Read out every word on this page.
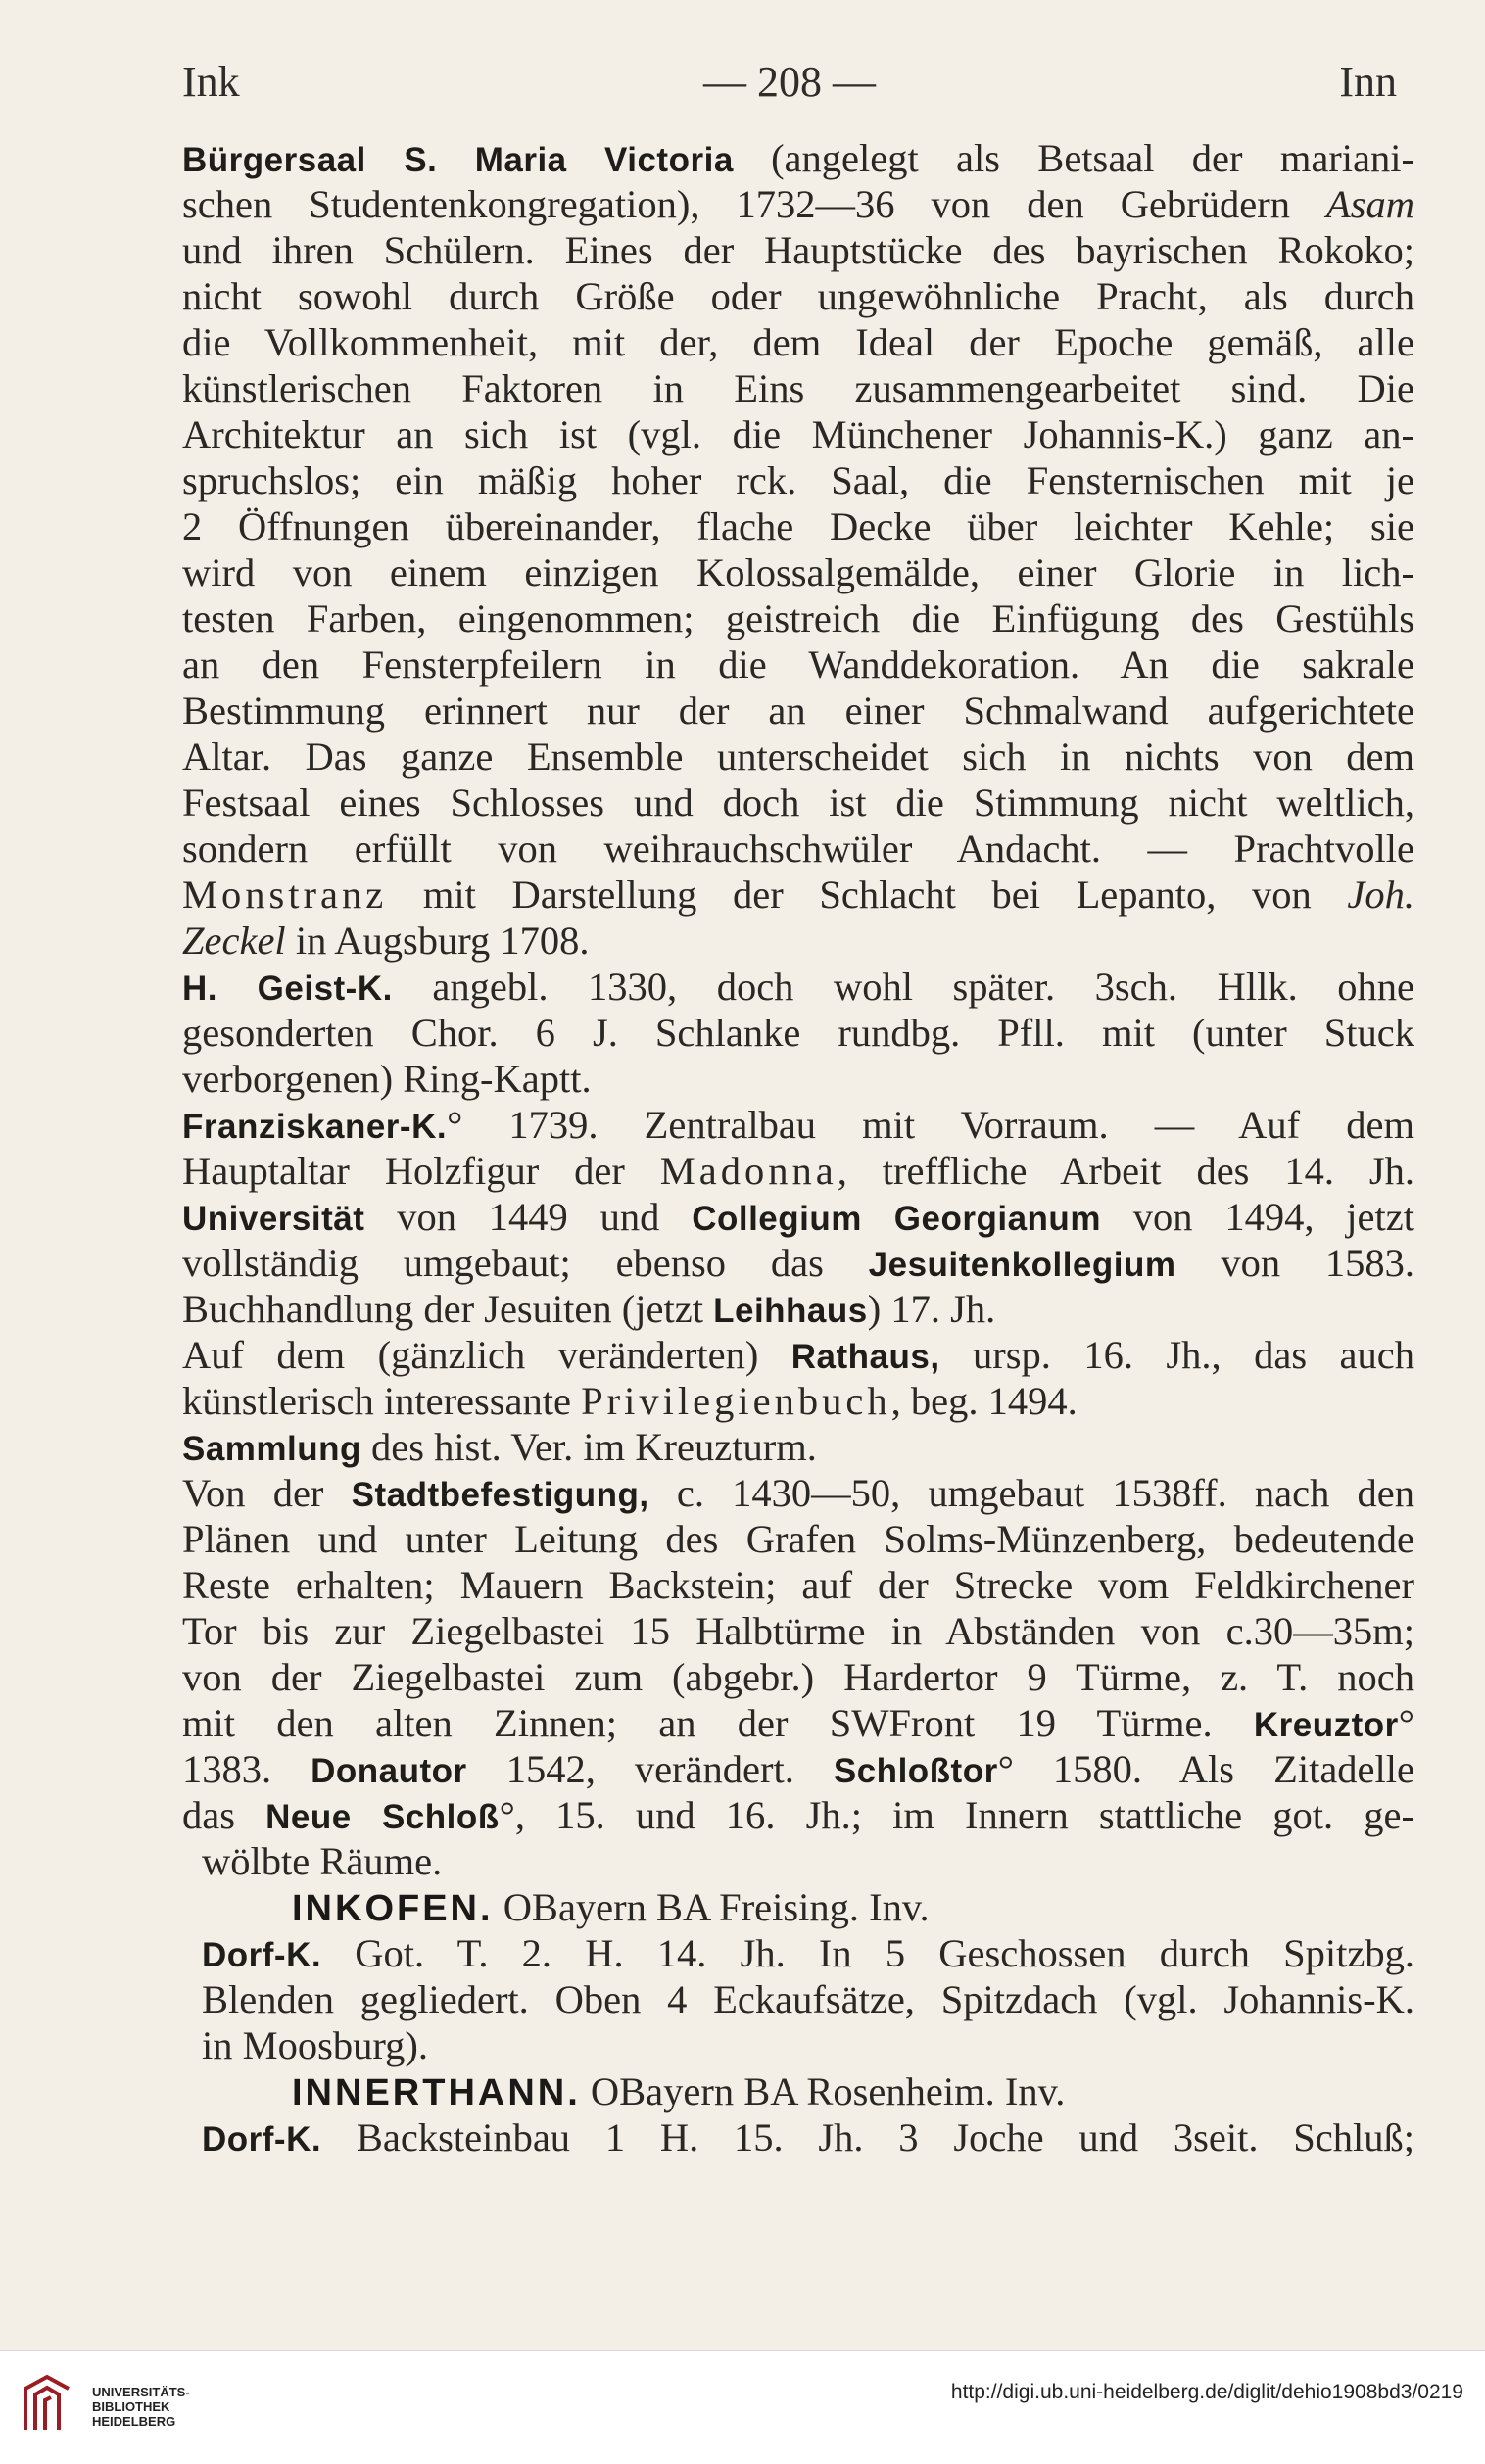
Ink	— 208 —	Inn
Bürgersaal S. Maria Victoria (angelegt als Betsaal der mariani-
schen Studentenkongregation), 1732—36 von den Gebrüdern Asam
und ihren Schülern. Eines der Hauptstücke des bayrischen Rokoko;
nicht sowohl durch Größe oder ungewöhnliche Pracht, als durch
die Vollkommenheit, mit der, dem Ideal der Epoche gemäß, alle
künstlerischen Faktoren in Eins zusammengearbeitet sind. Die
Architektur an sich ist (vgl. die Münchener Johannis-K.) ganz an-
spruchslos; ein mäßig hoher rck. Saal, die Fensternischen mit je
2 Öffnungen übereinander, flache Decke über leichter Kehle; sie
wird von einem einzigen Kolossalgemälde, einer Glorie in lich-
testen Farben, eingenommen; geistreich die Einfügung des Gestühls
an den Fensterpfeilern in die Wanddekoration. An die sakrale
Bestimmung erinnert nur der an einer Schmalwand aufgerichtete
Altar. Das ganze Ensemble unterscheidet sich in nichts von dem
Festsaal eines Schlosses und doch ist die Stimmung nicht weltlich,
sondern erfüllt von weihrauchschwüler Andacht. — Prachtvolle
Monstranz mit Darstellung der Schlacht bei Lepanto, von Joh.
Zeckel in Augsburg 1708.
H. Geist-K. angebl. 1330, doch wohl später. 3sch. Hllk. ohne
gesonderten Chor. 6 J. Schlanke rundbg. Pfll. mit (unter Stuck
verborgenen) Ring-Kaptt.
Franziskaner-K.° 1739. Zentralbau mit Vorraum. — Auf dem
Hauptaltar Holzfigur der Madonna, treffliche Arbeit des 14. Jh.
Universität von 1449 und Collegium Georgianum von 1494, jetzt
vollständig umgebaut; ebenso das Jesuitenkollegium von 1583.
Buchhandlung der Jesuiten (jetzt Leihhaus) 17. Jh.
Auf dem (gänzlich veränderten) Rathaus, ursp. 16. Jh., das auch
künstlerisch interessante Privilegienbuch, beg. 1494.
Sammlung des hist. Ver. im Kreuzturm.
Von der Stadtbefestigung, c. 1430—50, umgebaut 1538ff. nach den
Plänen und unter Leitung des Grafen Solms-Münzenberg, bedeutende
Reste erhalten; Mauern Backstein; auf der Strecke vom Feldkirchener
Tor bis zur Ziegelbastei 15 Halbtürme in Abständen von c.30—35m;
von der Ziegelbastei zum (abgebr.) Hardertor 9 Türme, z. T. noch
mit den alten Zinnen; an der SWFront 19 Türme. Kreuztor°
1383. Donautor 1542, verändert. Schloßtor° 1580. Als Zitadelle
das Neue Schloß°, 15. und 16. Jh.; im Innern stattliche got. ge-
wölbte Räume.
INKOFEN. OBayern BA Freising. Inv.
Dorf-K. Got. T. 2. H. 14. Jh. In 5 Geschossen durch Spitzbg.
Blenden gegliedert. Oben 4 Eckaufsätze, Spitzdach (vgl. Johannis-K.
in Moosburg).
INNERTHANN. OBayern BA Rosenheim. Inv.
Dorf-K. Backsteinbau 1 H. 15. Jh. 3 Joche und 3seit. Schluß;
UNIVERSITÄTS-
BIBLIOTHEK
HEIDELBERG
http://digi.ub.uni-heidelberg.de/diglit/dehio1908bd3/0219
